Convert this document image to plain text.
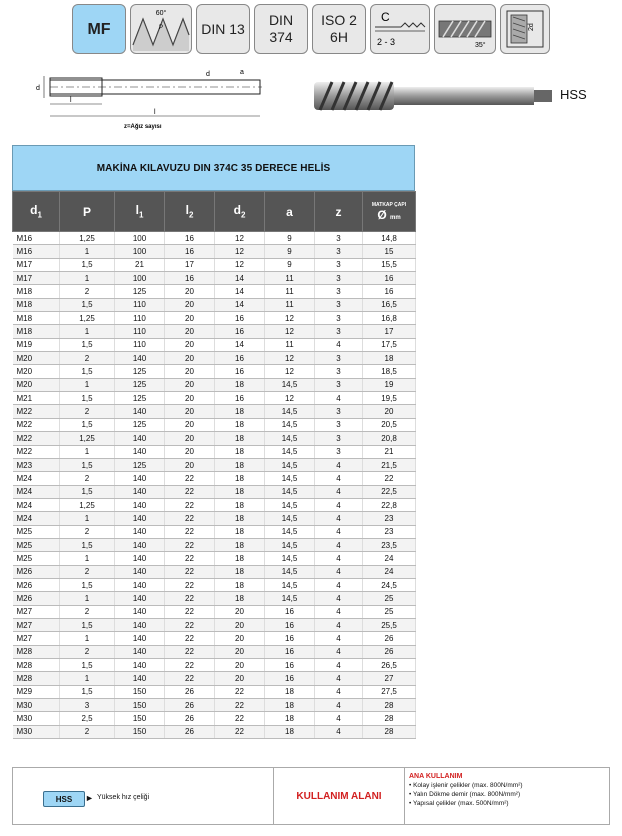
MF
60°
P	DIN 13
DIN
374
ISO 2
6H
C
2 - 3	35°
2d
d
l
l
d	a
z=Ağız sayısı
HSS
MAKİNA KILAVUZU DIN 374C 35 DERECE HELİS
$d_1$	P	$l_1$	$l_2$	$d_2$	a	z	MATKAP ÇAPI
Ø mm

M16	1,25	100	16	12	9	3	14,8
M16	1	100	16	12	9	3	15
M17	1,5	21	17	12	9	3	15,5
M17	1	100	16	14	11	3	16
M18	2	125	20	14	11	3	16
M18	1,5	110	20	14	11	3	16,5
M18	1,25	110	20	16	12	3	16,8
M18	1	110	20	16	12	3	17
M19	1,5	110	20	14	11	4	17,5
M20	2	140	20	16	12	3	18
M20	1,5	125	20	16	12	3	18,5
M20	1	125	20	18	14,5	3	19
M21	1,5	125	20	16	12	4	19,5
M22	2	140	20	18	14,5	3	20
M22	1,5	125	20	18	14,5	3	20,5
M22	1,25	140	20	18	14,5	3	20,8
M22	1	140	20	18	14,5	3	21
M23	1,5	125	20	18	14,5	4	21,5
M24	2	140	22	18	14,5	4	22
M24	1,5	140	22	18	14,5	4	22,5
M24	1,25	140	22	18	14,5	4	22,8
M24	1	140	22	18	14,5	4	23
M25	2	140	22	18	14,5	4	23
M25	1,5	140	22	18	14,5	4	23,5
M25	1	140	22	18	14,5	4	24
M26	2	140	22	18	14,5	4	24
M26	1,5	140	22	18	14,5	4	24,5
M26	1	140	22	18	14,5	4	25
M27	2	140	22	20	16	4	25
M27	1,5	140	22	20	16	4	25,5
M27	1	140	22	20	16	4	26
M28	2	140	22	20	16	4	26
M28	1,5	140	22	20	16	4	26,5
M28	1	140	22	20	16	4	27
M29	1,5	150	26	22	18	4	27,5
M30	3	150	26	22	18	4	28
M30	2,5	150	26	22	18	4	28
M30	2	150	26	22	18	4	28
HSS	► Yüksek hız çeliği	KULLANIM ALANI
ANA KULLANIM
• Kolay işlenir çelikler (max. 800N/mm²)
• Yalın Dökme demir (max. 800N/mm²)
• Yapısal çelikler (max. 500N/mm²)
